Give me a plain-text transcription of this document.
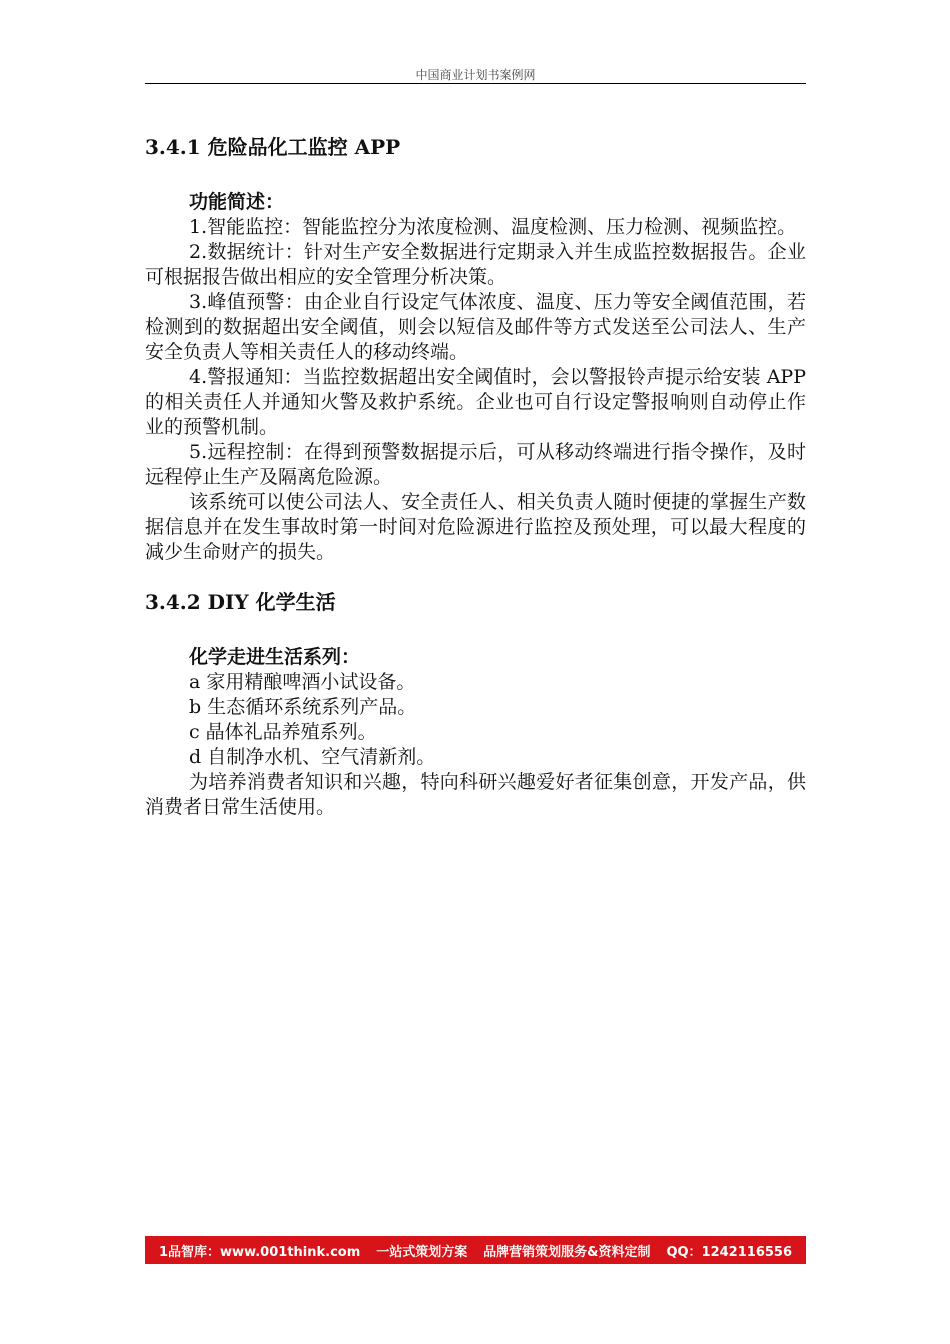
中国商业计划书案例网
3.4.1 危险品化工监控 APP
功能简述：

1.智能监控：智能监控分为浓度检测、温度检测、压力检测、视频监控。

2.数据统计：针对生产安全数据进行定期录入并生成监控数据报告。企业可根据报告做出相应的安全管理分析决策。

3.峰值预警：由企业自行设定气体浓度、温度、压力等安全阈值范围，若检测到的数据超出安全阈值，则会以短信及邮件等方式发送至公司法人、生产安全负责人等相关责任人的移动终端。

4.警报通知：当监控数据超出安全阈值时，会以警报铃声提示给安装 APP 的相关责任人并通知火警及救护系统。企业也可自行设定警报响则自动停止作业的预警机制。

5.远程控制：在得到预警数据提示后，可从移动终端进行指令操作，及时远程停止生产及隔离危险源。

该系统可以使公司法人、安全责任人、相关负责人随时便捷的掌握生产数据信息并在发生事故时第一时间对危险源进行监控及预处理，可以最大程度的减少生命财产的损失。

3.4.2 DIY 化学生活
化学走进生活系列：

a 家用精酿啤酒小试设备。

b 生态循环系统系列产品。

c 晶体礼品养殖系列。

d 自制净水机、空气清新剂。

为培养消费者知识和兴趣，特向科研兴趣爱好者征集创意，开发产品，供消费者日常生活使用。

1品智库：www.001think.com 一站式策划方案 品牌营销策划服务&资料定制 QQ：1242116556
